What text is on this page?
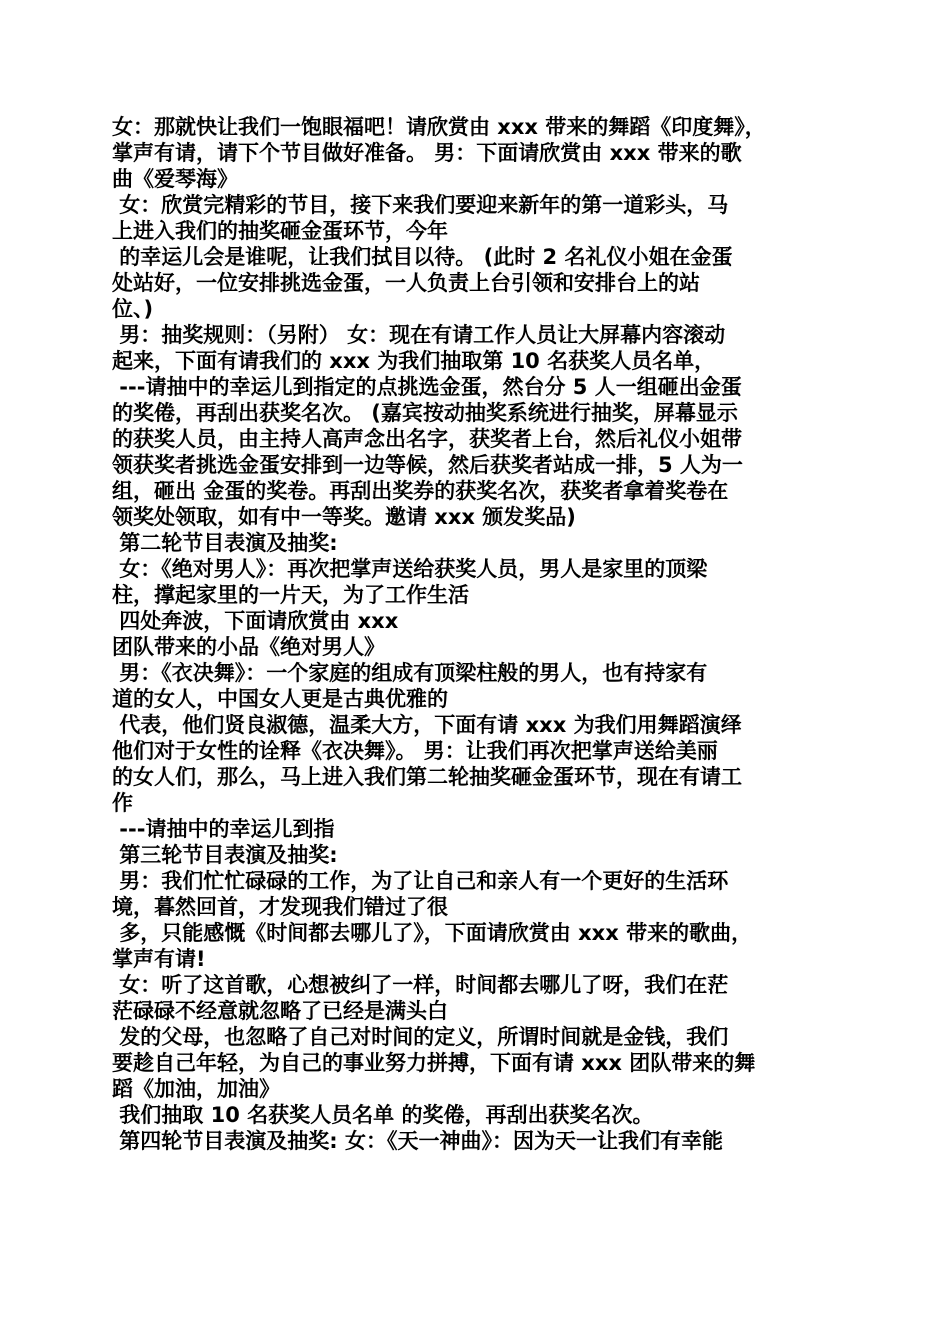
女：那就快让我们一饱眼福吧！请欣赏由 xxx 带来的舞蹈《印度舞》，
掌声有请，请下个节目做好准备。 男：下面请欣赏由 xxx 带来的歌
曲《爱琴海》
女：欣赏完精彩的节目，接下来我们要迎来新年的第一道彩头，马
上进入我们的抽奖砸金蛋环节，今年
的幸运儿会是谁呢，让我们拭目以待。 (此时 2 名礼仪小姐在金蛋
处站好，一位安排挑选金蛋，一人负责上台引领和安排台上的站
位、)
男：抽奖规则：（另附） 女：现在有请工作人员让大屏幕内容滚动
起来，下面有请我们的 xxx 为我们抽取第 10 名获奖人员名单，
---请抽中的幸运儿到指定的点挑选金蛋，然台分 5 人一组砸出金蛋
的奖倦，再刮出获奖名次。 (嘉宾按动抽奖系统进行抽奖，屏幕显示
的获奖人员，由主持人高声念出名字，获奖者上台，然后礼仪小姐带
领获奖者挑选金蛋安排到一边等候，然后获奖者站成一排，5 人为一
组，砸出 金蛋的奖卷。再刮出奖券的获奖名次，获奖者拿着奖卷在
领奖处领取，如有中一等奖。邀请 xxx 颁发奖品)
第二轮节目表演及抽奖:
女：《绝对男人》：再次把掌声送给获奖人员，男人是家里的顶梁
柱，撑起家里的一片天，为了工作生活
四处奔波，下面请欣赏由 xxx
团队带来的小品《绝对男人》
男：《衣决舞》：一个家庭的组成有顶梁柱般的男人，也有持家有
道的女人，中国女人更是古典优雅的
代表，他们贤良淑德，温柔大方，下面有请 xxx 为我们用舞蹈演绎
他们对于女性的诠释《衣决舞》。 男：让我们再次把掌声送给美丽
的女人们，那么，马上进入我们第二轮抽奖砸金蛋环节，现在有请工
作
---请抽中的幸运儿到指
第三轮节目表演及抽奖:
男：我们忙忙碌碌的工作，为了让自己和亲人有一个更好的生活环
境，暮然回首，才发现我们错过了很
多，只能感慨《时间都去哪儿了》，下面请欣赏由 xxx 带来的歌曲，
掌声有请!
女：听了这首歌，心想被纠了一样，时间都去哪儿了呀，我们在茫
茫碌碌不经意就忽略了已经是满头白
发的父母，也忽略了自己对时间的定义，所谓时间就是金钱，我们
要趁自己年轻，为自己的事业努力拼搏，下面有请 xxx 团队带来的舞
蹈《加油，加油》
我们抽取 10 名获奖人员名单 的奖倦，再刮出获奖名次。
第四轮节目表演及抽奖: 女：《天一神曲》：因为天一让我们有幸能
